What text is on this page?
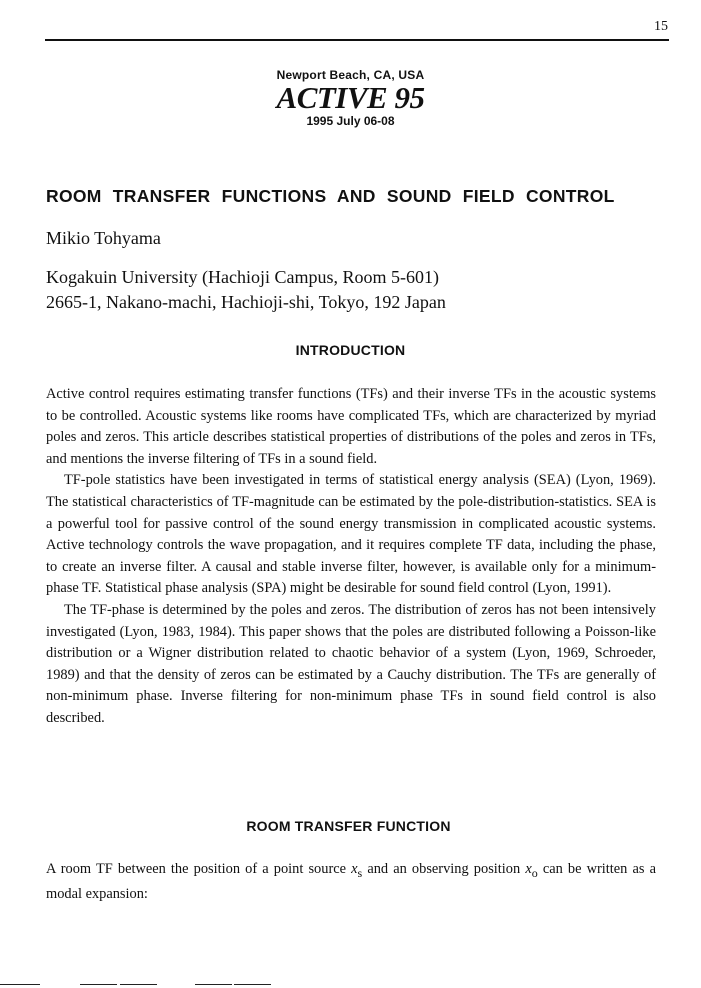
15
Newport Beach, CA, USA
ACTIVE 95
1995 July 06-08
ROOM TRANSFER FUNCTIONS AND SOUND FIELD CONTROL
Mikio Tohyama
Kogakuin University (Hachioji Campus, Room 5-601)
2665-1, Nakano-machi, Hachioji-shi, Tokyo, 192 Japan
INTRODUCTION

Active control requires estimating transfer functions (TFs) and their inverse TFs in the acoustic systems to be controlled. Acoustic systems like rooms have complicated TFs, which are characterized by myriad poles and zeros. This article describes statistical properties of distributions of the poles and zeros in TFs, and mentions the inverse filtering of TFs in a sound field.

TF-pole statistics have been investigated in terms of statistical energy analysis (SEA) (Lyon, 1969). The statistical characteristics of TF-magnitude can be estimated by the pole-distribution-statistics. SEA is a powerful tool for passive control of the sound energy transmission in complicated acoustic systems. Active technology controls the wave propagation, and it requires complete TF data, including the phase, to create an inverse filter. A causal and stable inverse filter, however, is available only for a minimum-phase TF. Statistical phase analysis (SPA) might be desirable for sound field control (Lyon, 1991).

The TF-phase is determined by the poles and zeros. The distribution of zeros has not been intensively investigated (Lyon, 1983, 1984). This paper shows that the poles are distributed following a Poisson-like distribution or a Wigner distribution related to chaotic behavior of a system (Lyon, 1969, Schroeder, 1989) and that the density of zeros can be estimated by a Cauchy distribution. The TFs are generally of non-minimum phase. Inverse filtering for non-minimum phase TFs in sound field control is also described.

ROOM TRANSFER FUNCTION

A room TF between the position of a point source $x_s$ and an observing position $x_o$ can be written as a modal expansion:
